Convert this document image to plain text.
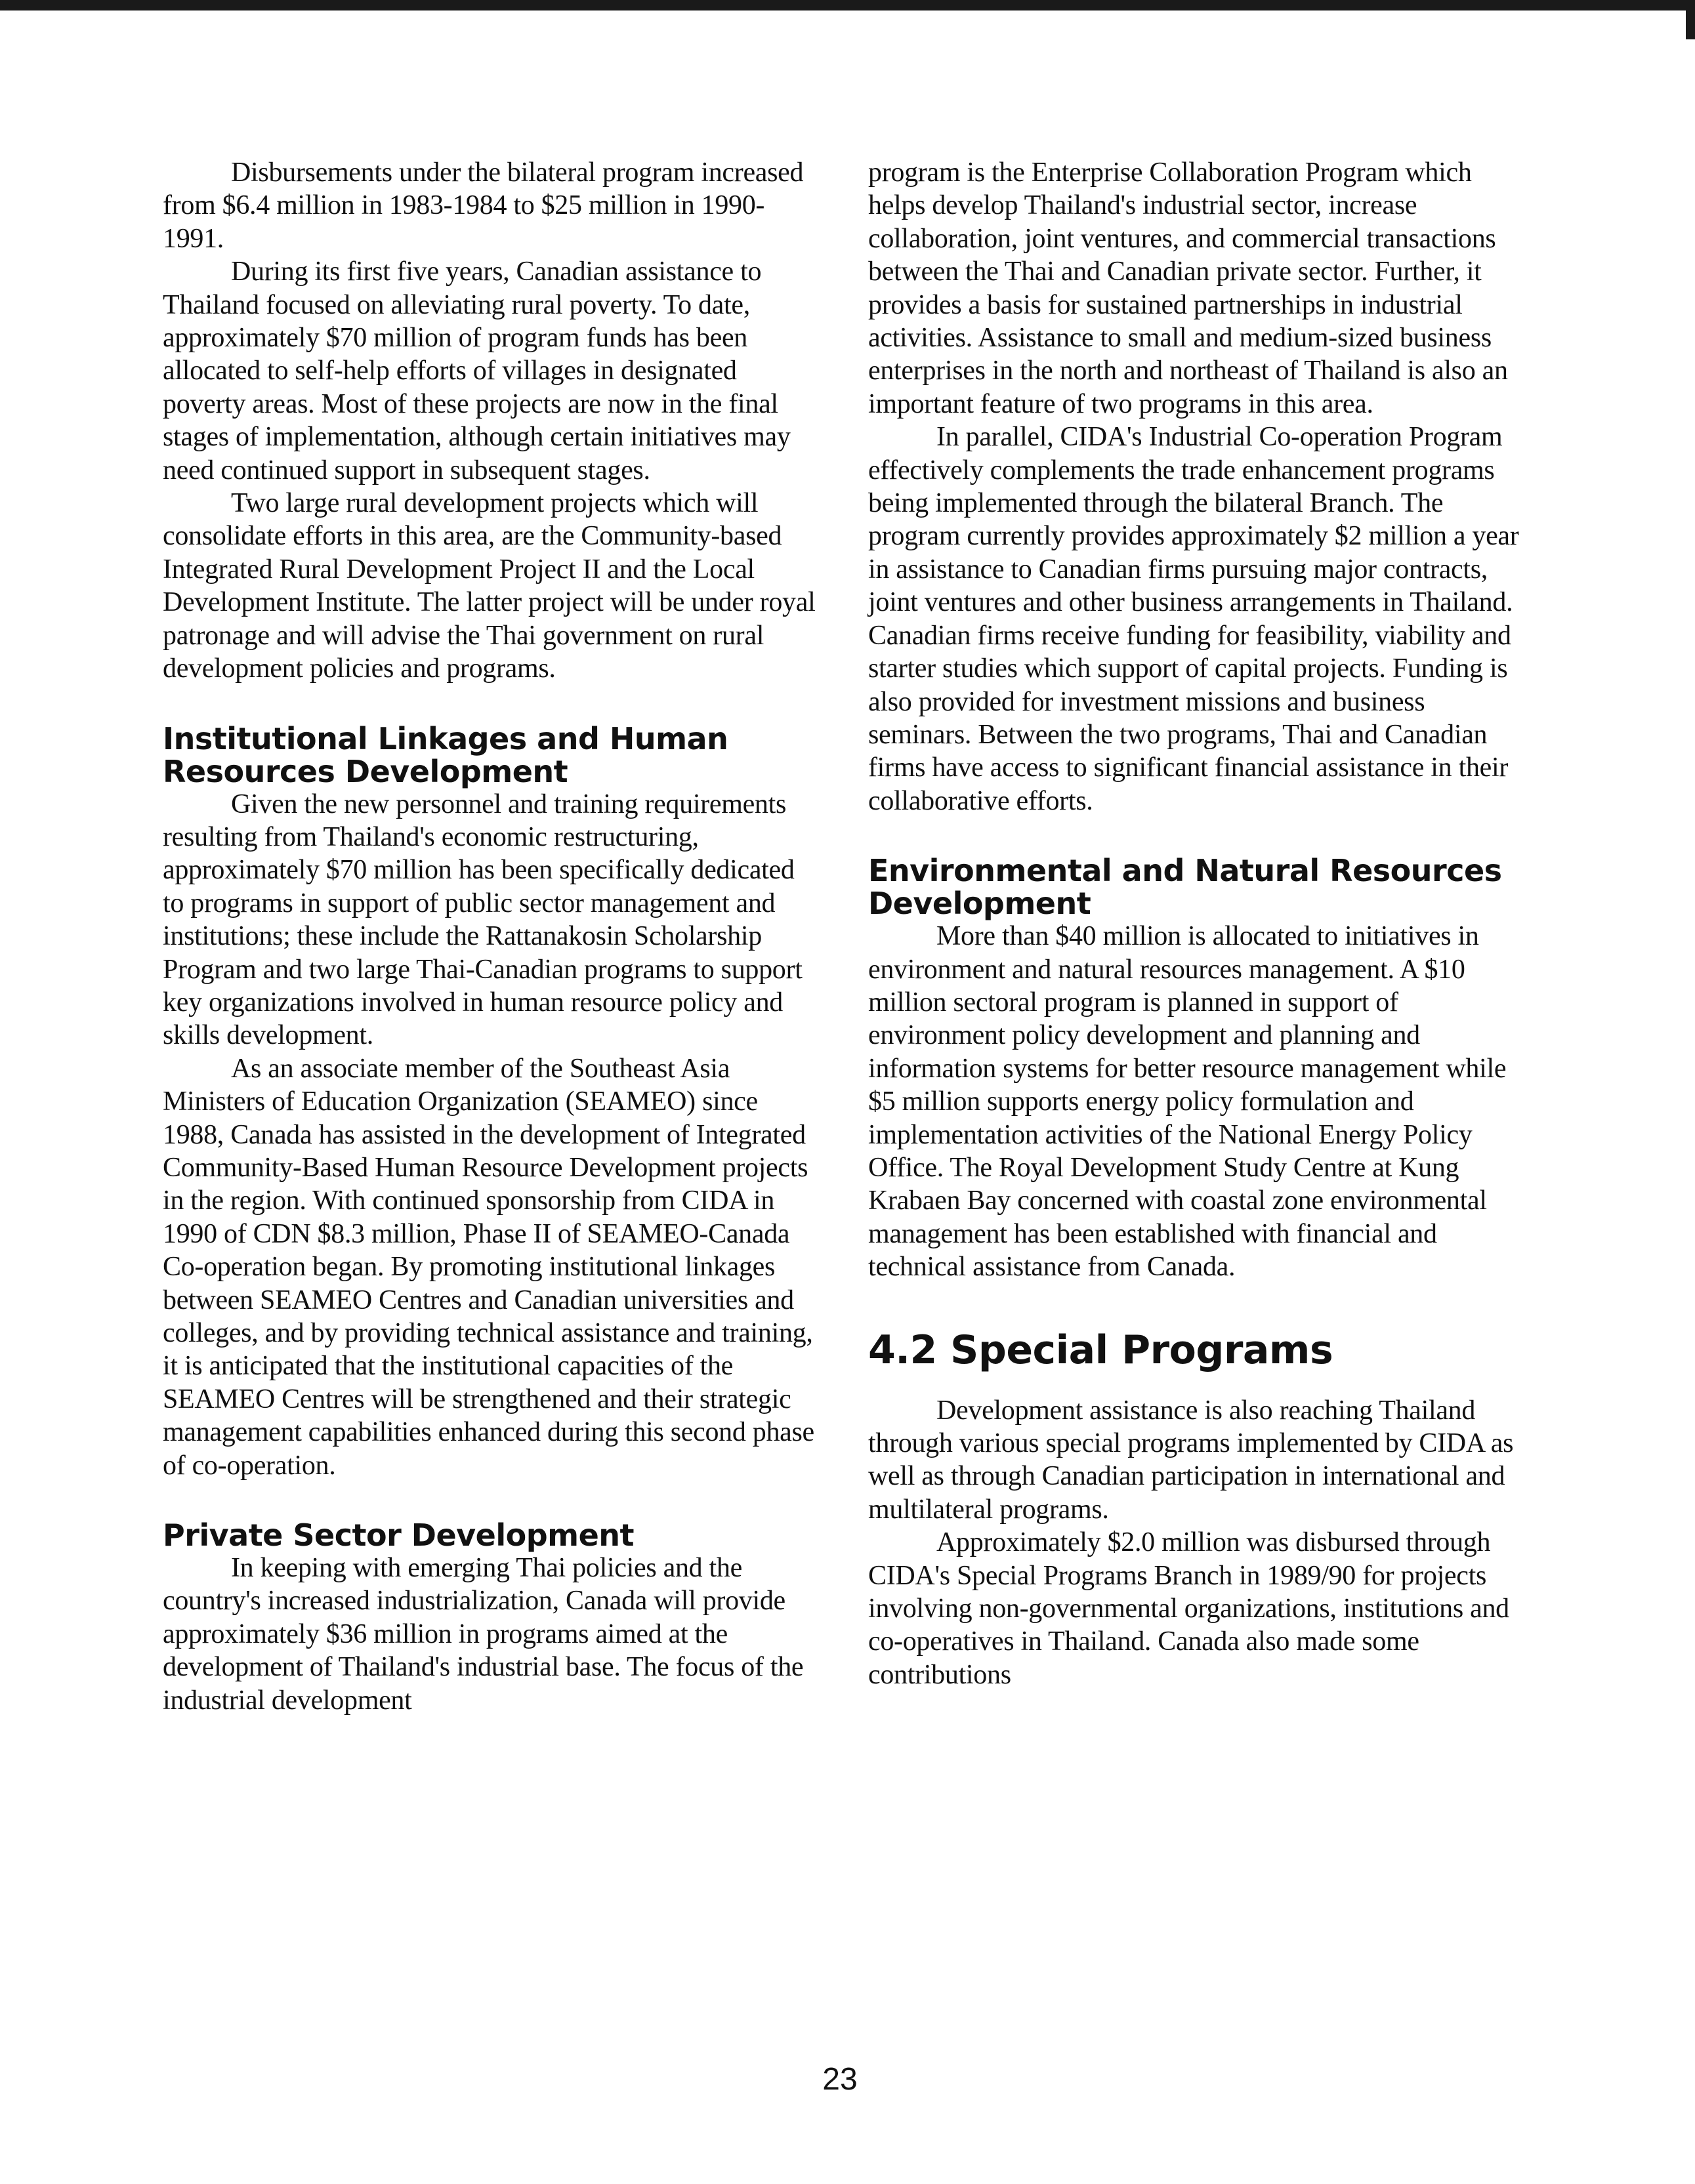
Disbursements under the bilateral program increased from $6.4 million in 1983-1984 to $25 million in 1990-1991.

During its first five years, Canadian assistance to Thailand focused on alleviating rural poverty. To date, approximately $70 million of program funds has been allocated to self-help efforts of villages in designated poverty areas. Most of these projects are now in the final stages of implementation, although certain initiatives may need continued support in subsequent stages.

Two large rural development projects which will consolidate efforts in this area, are the Community-based Integrated Rural Development Project II and the Local Development Institute. The latter project will be under royal patronage and will advise the Thai government on rural development policies and programs.

Institutional Linkages and Human Resources Development

Given the new personnel and training requirements resulting from Thailand's economic restructuring, approximately $70 million has been specifically dedicated to programs in support of public sector management and institutions; these include the Rattanakosin Scholarship Program and two large Thai-Canadian programs to support key organizations involved in human resource policy and skills development.

As an associate member of the Southeast Asia Ministers of Education Organization (SEAMEO) since 1988, Canada has assisted in the development of Integrated Community-Based Human Resource Development projects in the region. With continued sponsorship from CIDA in 1990 of CDN $8.3 million, Phase II of SEAMEO-Canada Co-operation began. By promoting institutional linkages between SEAMEO Centres and Canadian universities and colleges, and by providing technical assistance and training, it is anticipated that the institutional capacities of the SEAMEO Centres will be strengthened and their strategic management capabilities enhanced during this second phase of co-operation.

Private Sector Development

In keeping with emerging Thai policies and the country's increased industrialization, Canada will provide approximately $36 million in programs aimed at the development of Thailand's industrial base. The focus of the industrial development

program is the Enterprise Collaboration Program which helps develop Thailand's industrial sector, increase collaboration, joint ventures, and commercial transactions between the Thai and Canadian private sector. Further, it provides a basis for sustained partnerships in industrial activities. Assistance to small and medium-sized business enterprises in the north and northeast of Thailand is also an important feature of two programs in this area.

In parallel, CIDA's Industrial Co-operation Program effectively complements the trade enhancement programs being implemented through the bilateral Branch. The program currently provides approximately $2 million a year in assistance to Canadian firms pursuing major contracts, joint ventures and other business arrangements in Thailand. Canadian firms receive funding for feasibility, viability and starter studies which support of capital projects. Funding is also provided for investment missions and business seminars. Between the two programs, Thai and Canadian firms have access to significant financial assistance in their collaborative efforts.

Environmental and Natural Resources Development

More than $40 million is allocated to initiatives in environment and natural resources management. A $10 million sectoral program is planned in support of environment policy development and planning and information systems for better resource management while $5 million supports energy policy formulation and implementation activities of the National Energy Policy Office. The Royal Development Study Centre at Kung Krabaen Bay concerned with coastal zone environmental management has been established with financial and technical assistance from Canada.

4.2 Special Programs

Development assistance is also reaching Thailand through various special programs implemented by CIDA as well as through Canadian participation in international and multilateral programs.

Approximately $2.0 million was disbursed through CIDA's Special Programs Branch in 1989/90 for projects involving non-governmental organizations, institutions and co-operatives in Thailand. Canada also made some contributions

23
